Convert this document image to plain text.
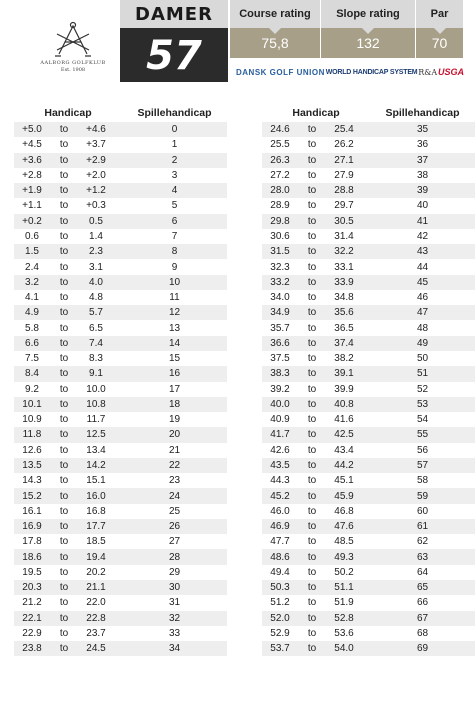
AALBORG GOLFKLUB
Est. 1908
DAMER
57
Course rating	Slope rating	Par
75,8	132	70
DANSK GOLF UNION WORLD HANDICAP SYSTEM R&A USGA
Handicap	Spillehandicap
+5.0	to	+4.6	0
+4.5	to	+3.7	1
+3.6	to	+2.9	2
+2.8	to	+2.0	3
+1.9	to	+1.2	4
+1.1	to	+0.3	5
+0.2	to	0.5	6
0.6	to	1.4	7
1.5	to	2.3	8
2.4	to	3.1	9
3.2	to	4.0	10
4.1	to	4.8	11
4.9	to	5.7	12
5.8	to	6.5	13
6.6	to	7.4	14
7.5	to	8.3	15
8.4	to	9.1	16
9.2	to	10.0	17
10.1	to	10.8	18
10.9	to	11.7	19
11.8	to	12.5	20
12.6	to	13.4	21
13.5	to	14.2	22
14.3	to	15.1	23
15.2	to	16.0	24
16.1	to	16.8	25
16.9	to	17.7	26
17.8	to	18.5	27
18.6	to	19.4	28
19.5	to	20.2	29
20.3	to	21.1	30
21.2	to	22.0	31
22.1	to	22.8	32
22.9	to	23.7	33
23.8	to	24.5	34
Handicap	Spillehandicap
24.6	to	25.4	35
25.5	to	26.2	36
26.3	to	27.1	37
27.2	to	27.9	38
28.0	to	28.8	39
28.9	to	29.7	40
29.8	to	30.5	41
30.6	to	31.4	42
31.5	to	32.2	43
32.3	to	33.1	44
33.2	to	33.9	45
34.0	to	34.8	46
34.9	to	35.6	47
35.7	to	36.5	48
36.6	to	37.4	49
37.5	to	38.2	50
38.3	to	39.1	51
39.2	to	39.9	52
40.0	to	40.8	53
40.9	to	41.6	54
41.7	to	42.5	55
42.6	to	43.4	56
43.5	to	44.2	57
44.3	to	45.1	58
45.2	to	45.9	59
46.0	to	46.8	60
46.9	to	47.6	61
47.7	to	48.5	62
48.6	to	49.3	63
49.4	to	50.2	64
50.3	to	51.1	65
51.2	to	51.9	66
52.0	to	52.8	67
52.9	to	53.6	68
53.7	to	54.0	69
